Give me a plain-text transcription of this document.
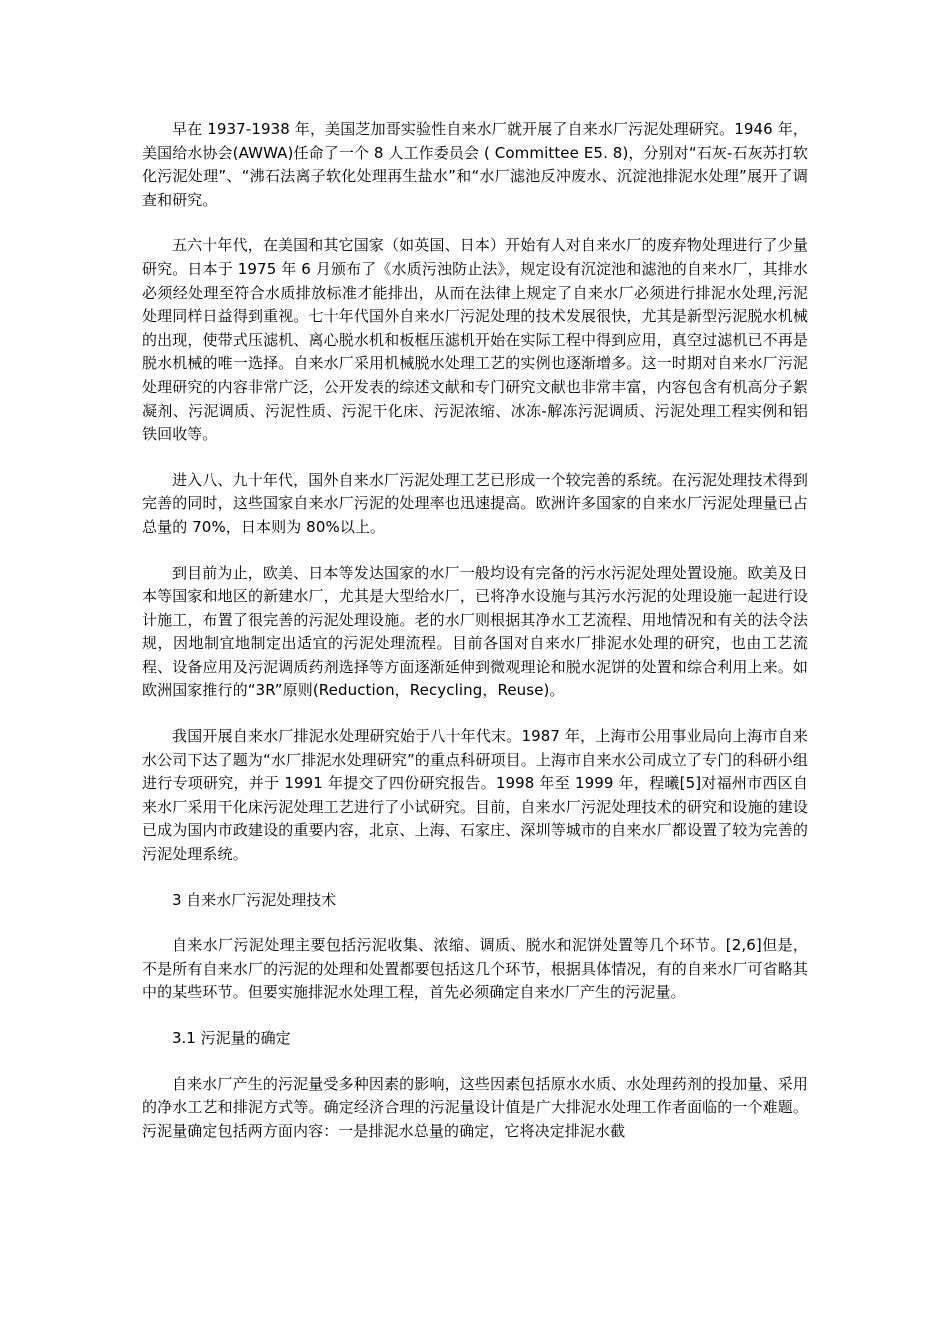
早在 1937-1938 年，美国芝加哥实验性自来水厂就开展了自来水厂污泥处理研究。1946 年，美国给水协会(AWWA)任命了一个 8 人工作委员会 ( Committee E5. 8)，分别对“石灰-石灰苏打软化污泥处理”、“沸石法离子软化处理再生盐水”和“水厂滤池反冲废水、沉淀池排泥水处理”展开了调查和研究。

五六十年代，在美国和其它国家（如英国、日本）开始有人对自来水厂的废弃物处理进行了少量研究。日本于 1975 年 6 月颁布了《水质污浊防止法》，规定设有沉淀池和滤池的自来水厂，其排水必须经处理至符合水质排放标准才能排出，从而在法律上规定了自来水厂必须进行排泥水处理,污泥处理同样日益得到重视。七十年代国外自来水厂污泥处理的技术发展很快，尤其是新型污泥脱水机械的出现，使带式压滤机、离心脱水机和板框压滤机开始在实际工程中得到应用，真空过滤机已不再是脱水机械的唯一选择。自来水厂采用机械脱水处理工艺的实例也逐渐增多。这一时期对自来水厂污泥处理研究的内容非常广泛，公开发表的综述文献和专门研究文献也非常丰富，内容包含有机高分子絮凝剂、污泥调质、污泥性质、污泥干化床、污泥浓缩、冰冻-解冻污泥调质、污泥处理工程实例和铝铁回收等。

进入八、九十年代，国外自来水厂污泥处理工艺已形成一个较完善的系统。在污泥处理技术得到完善的同时，这些国家自来水厂污泥的处理率也迅速提高。欧洲许多国家的自来水厂污泥处理量已占总量的 70%，日本则为 80%以上。

到目前为止，欧美、日本等发达国家的水厂一般均设有完备的污水污泥处理处置设施。欧美及日本等国家和地区的新建水厂，尤其是大型给水厂，已将净水设施与其污水污泥的处理设施一起进行设计施工，布置了很完善的污泥处理设施。老的水厂则根据其净水工艺流程、用地情况和有关的法令法规，因地制宜地制定出适宜的污泥处理流程。目前各国对自来水厂排泥水处理的研究，也由工艺流程、设备应用及污泥调质药剂选择等方面逐渐延伸到微观理论和脱水泥饼的处置和综合利用上来。如欧洲国家推行的“3R”原则(Reduction，Recycling，Reuse)。

我国开展自来水厂排泥水处理研究始于八十年代末。1987 年，上海市公用事业局向上海市自来水公司下达了题为“水厂排泥水处理研究”的重点科研项目。上海市自来水公司成立了专门的科研小组进行专项研究，并于 1991 年提交了四份研究报告。1998 年至 1999 年，程曦[5]对福州市西区自来水厂采用干化床污泥处理工艺进行了小试研究。目前，自来水厂污泥处理技术的研究和设施的建设已成为国内市政建设的重要内容，北京、上海、石家庄、深圳等城市的自来水厂都设置了较为完善的污泥处理系统。

3 自来水厂污泥处理技术

自来水厂污泥处理主要包括污泥收集、浓缩、调质、脱水和泥饼处置等几个环节。[2,6]但是，不是所有自来水厂的污泥的处理和处置都要包括这几个环节，根据具体情况，有的自来水厂可省略其中的某些环节。但要实施排泥水处理工程，首先必须确定自来水厂产生的污泥量。

3.1 污泥量的确定

自来水厂产生的污泥量受多种因素的影响，这些因素包括原水水质、水处理药剂的投加量、采用的净水工艺和排泥方式等。确定经济合理的污泥量设计值是广大排泥水处理工作者面临的一个难题。污泥量确定包括两方面内容：一是排泥水总量的确定，它将决定排泥水截
